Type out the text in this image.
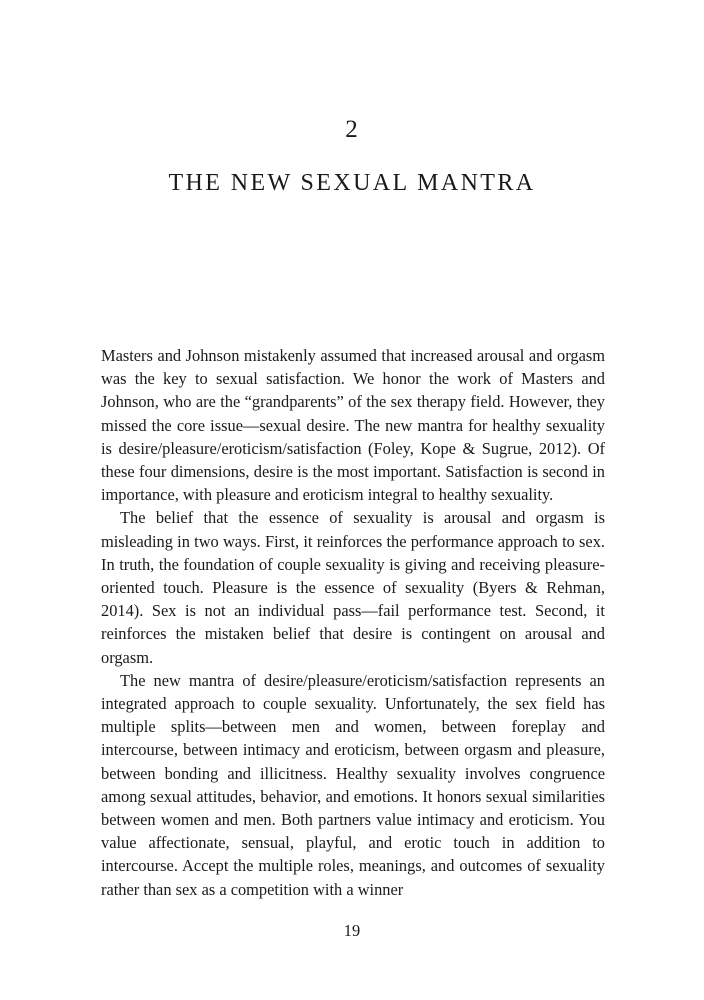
2
THE NEW SEXUAL MANTRA

Masters and Johnson mistakenly assumed that increased arousal and orgasm was the key to sexual satisfaction. We honor the work of Masters and Johnson, who are the “grandparents” of the sex therapy field. However, they missed the core issue—sexual desire. The new mantra for healthy sexuality is desire/pleasure/eroticism/satisfaction (Foley, Kope & Sugrue, 2012). Of these four dimensions, desire is the most important. Satisfaction is second in importance, with pleasure and eroticism integral to healthy sexuality.

The belief that the essence of sexuality is arousal and orgasm is misleading in two ways. First, it reinforces the performance approach to sex. In truth, the foundation of couple sexuality is giving and receiving pleasure-oriented touch. Pleasure is the essence of sexuality (Byers & Rehman, 2014). Sex is not an individual pass—fail performance test. Second, it reinforces the mistaken belief that desire is contingent on arousal and orgasm.

The new mantra of desire/pleasure/eroticism/satisfaction represents an integrated approach to couple sexuality. Unfortunately, the sex field has multiple splits—between men and women, between foreplay and intercourse, between intimacy and eroticism, between orgasm and pleasure, between bonding and illicitness. Healthy sexuality involves congruence among sexual attitudes, behavior, and emotions. It honors sexual similarities between women and men. Both partners value intimacy and eroticism. You value affectionate, sensual, playful, and erotic touch in addition to intercourse. Accept the multiple roles, meanings, and outcomes of sexuality rather than sex as a competition with a winner

19
